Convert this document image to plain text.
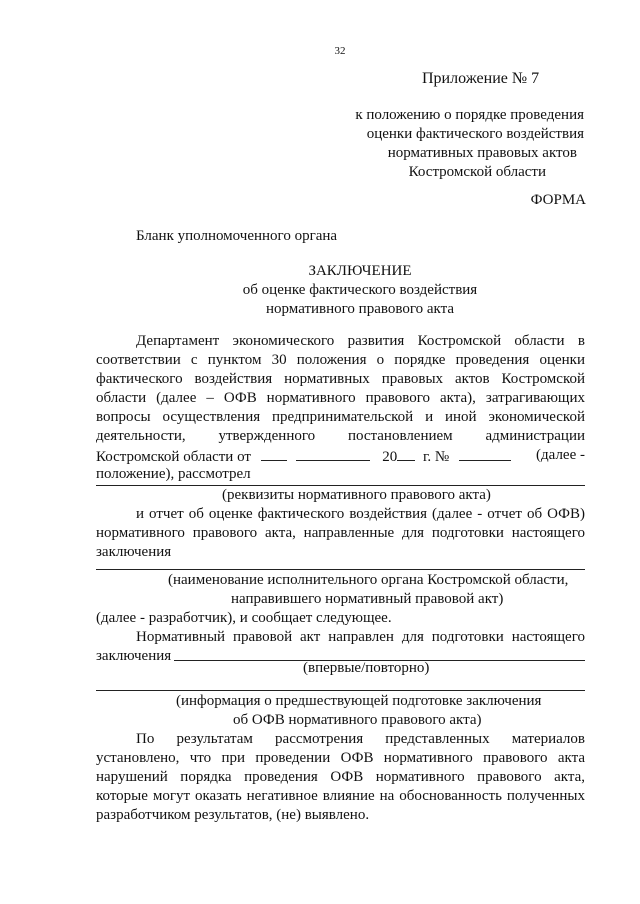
32
Приложение № 7
к положению о порядке проведения
оценки фактического воздействия
нормативных правовых актов
Костромской области
ФОРМА
Бланк уполномоченного органа
ЗАКЛЮЧЕНИЕ
об оценке фактического воздействия
нормативного правового акта
Департамент экономического развития Костромской области в
соответствии с пунктом 30 положения о порядке проведения оценки
фактического воздействия нормативных правовых актов Костромской
области (далее – ОФВ нормативного правового акта), затрагивающих
вопросы осуществления предпринимательской и иной экономической
деятельности, утвержденного постановлением администрации
Костромской области от	20 г. №	(далее -
положение), рассмотрел
(реквизиты нормативного правового акта)
и отчет об оценке фактического воздействия (далее - отчет об ОФВ)
нормативного правового акта, направленные для подготовки настоящего
заключения
(наименование исполнительного органа Костромской области,
направившего нормативный правовой акт)
(далее - разработчик), и сообщает следующее.
Нормативный правовой акт направлен для подготовки настоящего
заключения
(впервые/повторно)
(информация о предшествующей подготовке заключения
об ОФВ нормативного правового акта)
По результатам рассмотрения представленных материалов
установлено, что при проведении ОФВ нормативного правового акта
нарушений порядка проведения ОФВ нормативного правового акта,
которые могут оказать негативное влияние на обоснованность полученных
разработчиком результатов, (не) выявлено.
